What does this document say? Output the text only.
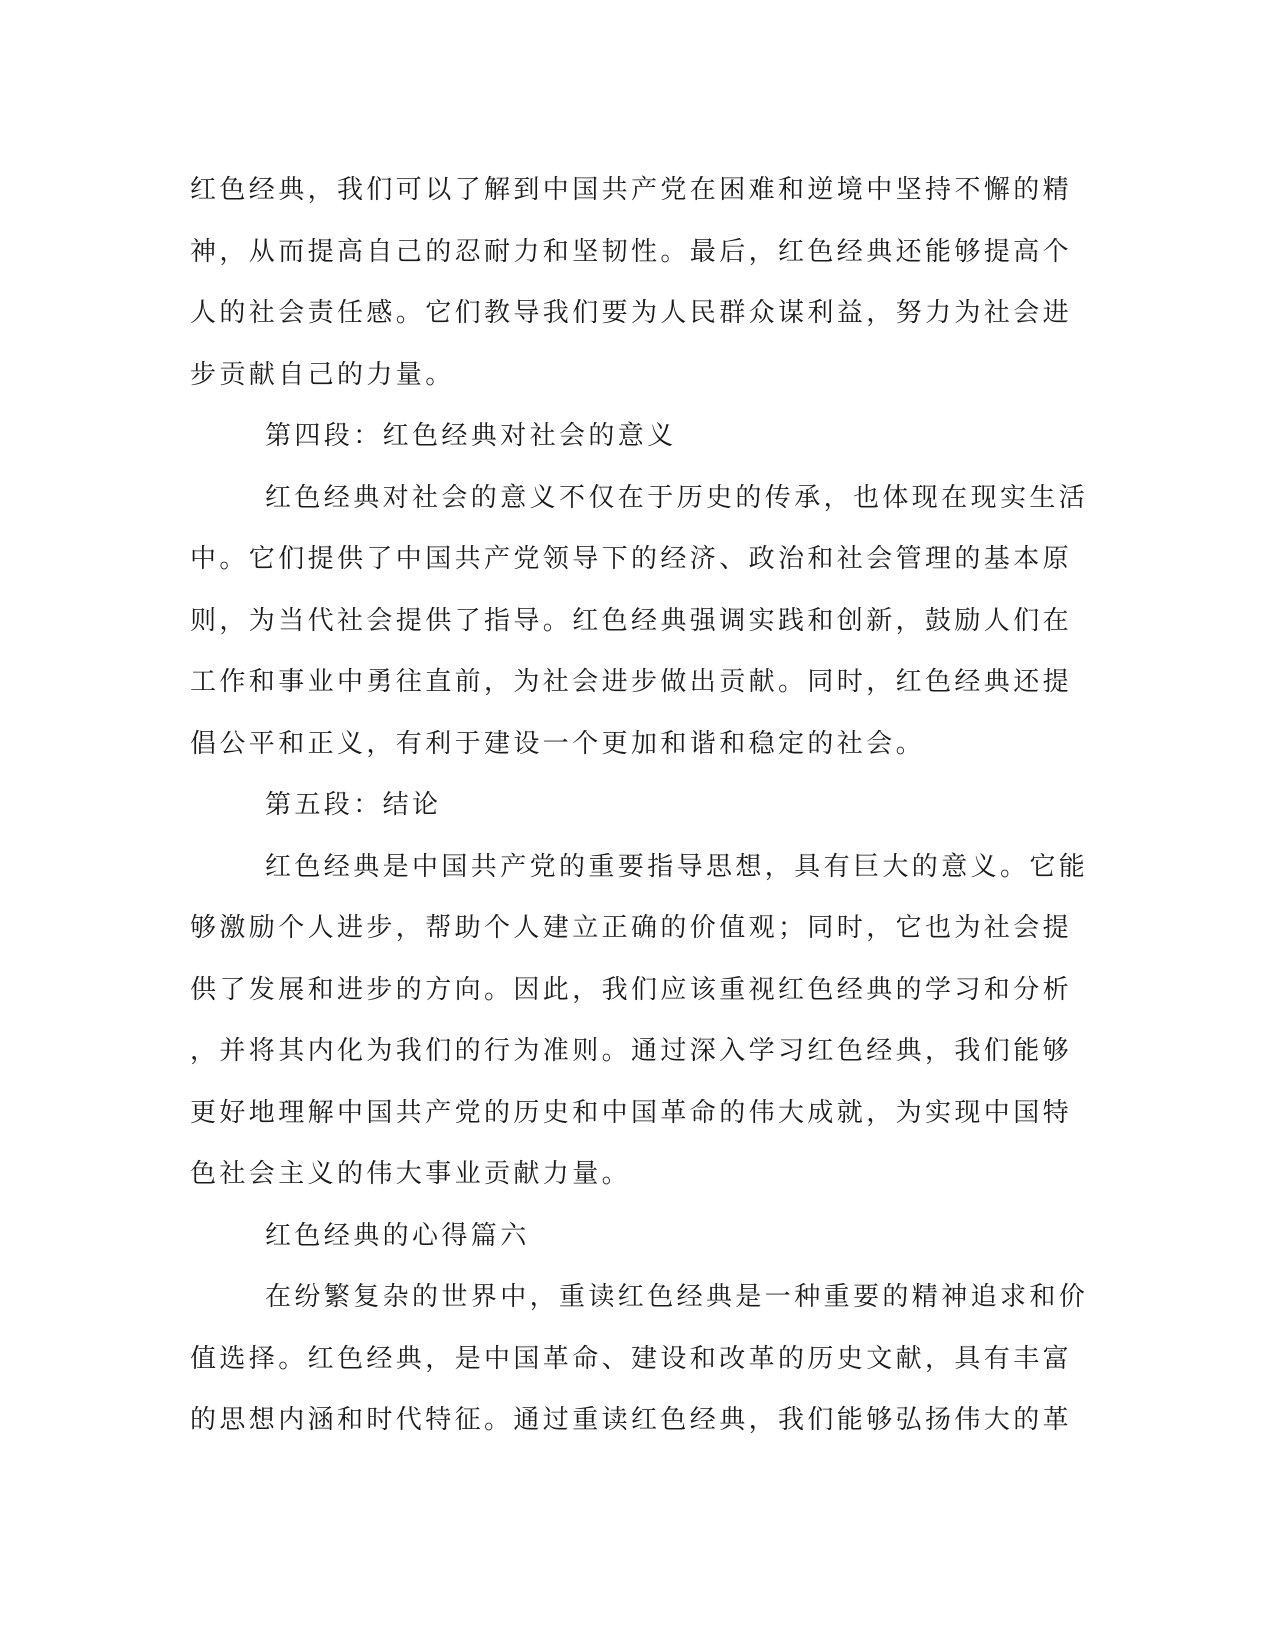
红色经典，我们可以了解到中国共产党在困难和逆境中坚持不懈的精
神，从而提高自己的忍耐力和坚韧性。最后，红色经典还能够提高个
人的社会责任感。它们教导我们要为人民群众谋利益，努力为社会进
步贡献自己的力量。
第四段：红色经典对社会的意义
红色经典对社会的意义不仅在于历史的传承，也体现在现实生活
中。它们提供了中国共产党领导下的经济、政治和社会管理的基本原
则，为当代社会提供了指导。红色经典强调实践和创新，鼓励人们在
工作和事业中勇往直前，为社会进步做出贡献。同时，红色经典还提
倡公平和正义，有利于建设一个更加和谐和稳定的社会。
第五段：结论
红色经典是中国共产党的重要指导思想，具有巨大的意义。它能
够激励个人进步，帮助个人建立正确的价值观；同时，它也为社会提
供了发展和进步的方向。因此，我们应该重视红色经典的学习和分析
，并将其内化为我们的行为准则。通过深入学习红色经典，我们能够
更好地理解中国共产党的历史和中国革命的伟大成就，为实现中国特
色社会主义的伟大事业贡献力量。
红色经典的心得篇六
在纷繁复杂的世界中，重读红色经典是一种重要的精神追求和价
值选择。红色经典，是中国革命、建设和改革的历史文献，具有丰富
的思想内涵和时代特征。通过重读红色经典，我们能够弘扬伟大的革
